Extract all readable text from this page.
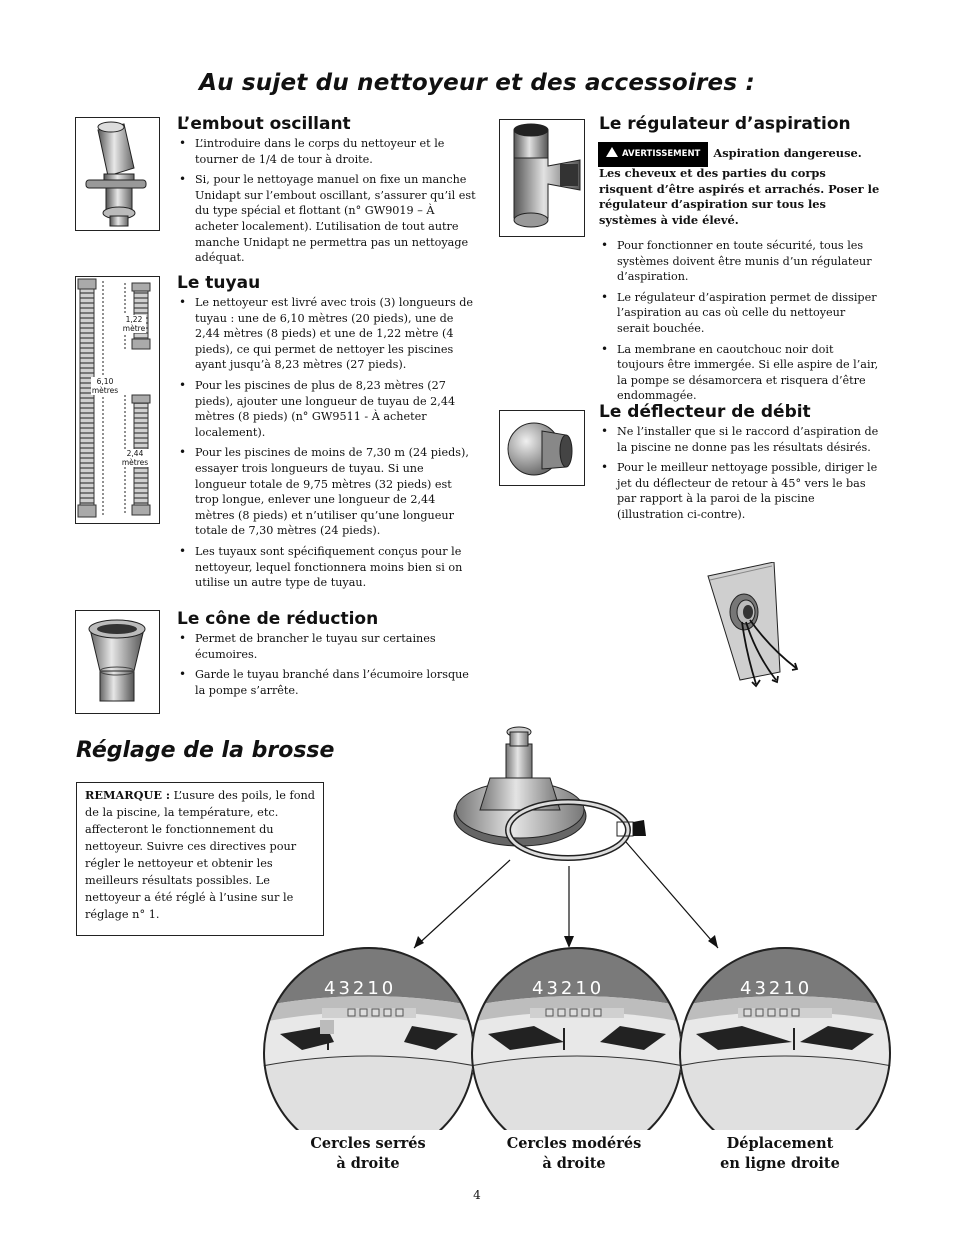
Au sujet du nettoyeur et des accessoires :
L’embout oscillant
• L’introduire dans le corps du nettoyeur et le tourner de 1/4 de tour à droite.
• Si, pour le nettoyage manuel on fixe un manche Unidapt sur l’embout oscillant, s’assurer qu’il est du type spécial et flottant (n° GW9019 – À acheter localement). L’utilisation de tout autre manche Unidapt ne permettra pas un nettoyage adéquat.
1,22 mètre
6,10 mètres
2,44 mètres
Le tuyau
• Le nettoyeur est livré avec trois (3) longueurs de tuyau : une de 6,10 mètres (20 pieds), une de 2,44 mètres (8 pieds) et une de 1,22 mètre (4 pieds), ce qui permet de nettoyer les piscines ayant jusqu’à 8,23 mètres (27 pieds).
• Pour les piscines de plus de 8,23 mètres (27 pieds), ajouter une longueur de tuyau de 2,44 mètres (8 pieds) (n° GW9511 - À acheter localement).
• Pour les piscines de moins de 7,30 m (24 pieds), essayer trois longueurs de tuyau. Si une longueur totale de 9,75 mètres (32 pieds) est trop longue, enlever une longueur de 2,44 mètres (8 pieds) et n’utiliser qu’une longueur totale de 7,30 mètres (24 pieds).
• Les tuyaux sont spécifiquement conçus pour le nettoyeur, lequel fonctionnera moins bien si on utilise un autre type de tuyau.
Le cône de réduction
• Permet de brancher le tuyau sur certaines écumoires.
• Garde le tuyau branché dans l’écumoire lorsque la pompe s’arrête.
Le régulateur d’aspiration
AVERTISSEMENT Aspiration dangereuse. Les cheveux et des parties du corps risquent d’être aspirés et arrachés. Poser le régulateur d’aspiration sur tous les systèmes à vide élevé.
• Pour fonctionner en toute sécurité, tous les systèmes doivent être munis d’un régulateur d’aspiration.
• Le régulateur d’aspiration permet de dissiper l’aspiration au cas où celle du nettoyeur serait bouchée.
• La membrane en caoutchouc noir doit toujours être immergée. Si elle aspire de l’air, la pompe se désamorcera et risquera d’être endommagée.
Le déflecteur de débit
• Ne l’installer que si le raccord d’aspiration de la piscine ne donne pas les résultats désirés.
• Pour le meilleur nettoyage possible, diriger le jet du déflecteur de retour à 45° vers le bas par rapport à la paroi de la piscine (illustration ci-contre).
Réglage de la brosse
REMARQUE : L’usure des poils, le fond de la piscine, la température, etc. affecteront le fonctionnement du nettoyeur. Suivre ces directives pour régler le nettoyeur et obtenir les meilleurs résultats possibles. Le nettoyeur a été réglé à l’usine sur le réglage n° 1.
43210	43210	43210
Cercles serrés
à droite
Cercles modérés
à droite
Déplacement
en ligne droite
4
